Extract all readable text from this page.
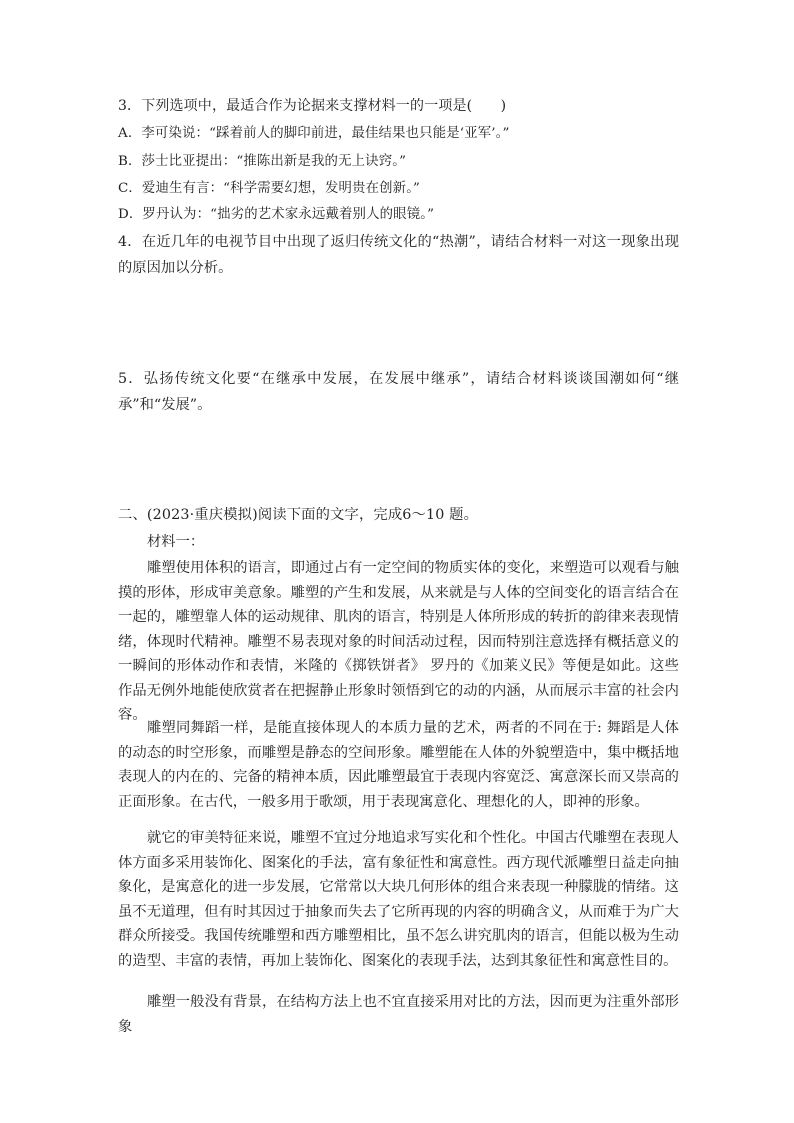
3．下列选项中，最适合作为论据来支撑材料一的一项是(　　)
A．李可染说：“踩着前人的脚印前进，最佳结果也只能是‘亚军’。”
B．莎士比亚提出：“推陈出新是我的无上诀窍。”
C．爱迪生有言：“科学需要幻想，发明贵在创新。”
D．罗丹认为：“拙劣的艺术家永远戴着别人的眼镜。”

4．在近几年的电视节目中出现了返归传统文化的“热潮”，请结合材料一对这一现象出现的原因加以分析。

5．弘扬传统文化要“在继承中发展，在发展中继承”，请结合材料谈谈国潮如何“继承”和“发展”。

二、(2023·重庆模拟)阅读下面的文字，完成6～10 题。
材料一：

雕塑使用体积的语言，即通过占有一定空间的物质实体的变化，来塑造可以观看与触摸的形体，形成审美意象。雕塑的产生和发展，从来就是与人体的空间变化的语言结合在一起的，雕塑靠人体的运动规律、肌肉的语言，特别是人体所形成的转折的韵律来表现情绪，体现时代精神。雕塑不易表现对象的时间活动过程，因而特别注意选择有概括意义的一瞬间的形体动作和表情，米隆的《掷铁饼者》 罗丹的《加莱义民》等便是如此。这些作品无例外地能使欣赏者在把握静止形象时领悟到它的动的内涵，从而展示丰富的社会内容。

雕塑同舞蹈一样，是能直接体现人的本质力量的艺术，两者的不同在于: 舞蹈是人体的动态的时空形象，而雕塑是静态的空间形象。雕塑能在人体的外貌塑造中，集中概括地表现人的内在的、完备的精神本质，因此雕塑最宜于表现内容宽泛、寓意深长而又崇高的正面形象。在古代，一般多用于歌颂，用于表现寓意化、理想化的人，即神的形象。

就它的审美特征来说，雕塑不宜过分地追求写实化和个性化。中国古代雕塑在表现人体方面多采用装饰化、图案化的手法，富有象征性和寓意性。西方现代派雕塑日益走向抽象化，是寓意化的进一步发展，它常常以大块几何形体的组合来表现一种朦胧的情绪。这虽不无道理，但有时其因过于抽象而失去了它所再现的内容的明确含义，从而难于为广大群众所接受。我国传统雕塑和西方雕塑相比，虽不怎么讲究肌肉的语言，但能以极为生动的造型、丰富的表情，再加上装饰化、图案化的表现手法，达到其象征性和寓意性目的。

雕塑一般没有背景，在结构方法上也不宜直接采用对比的方法，因而更为注重外部形象
